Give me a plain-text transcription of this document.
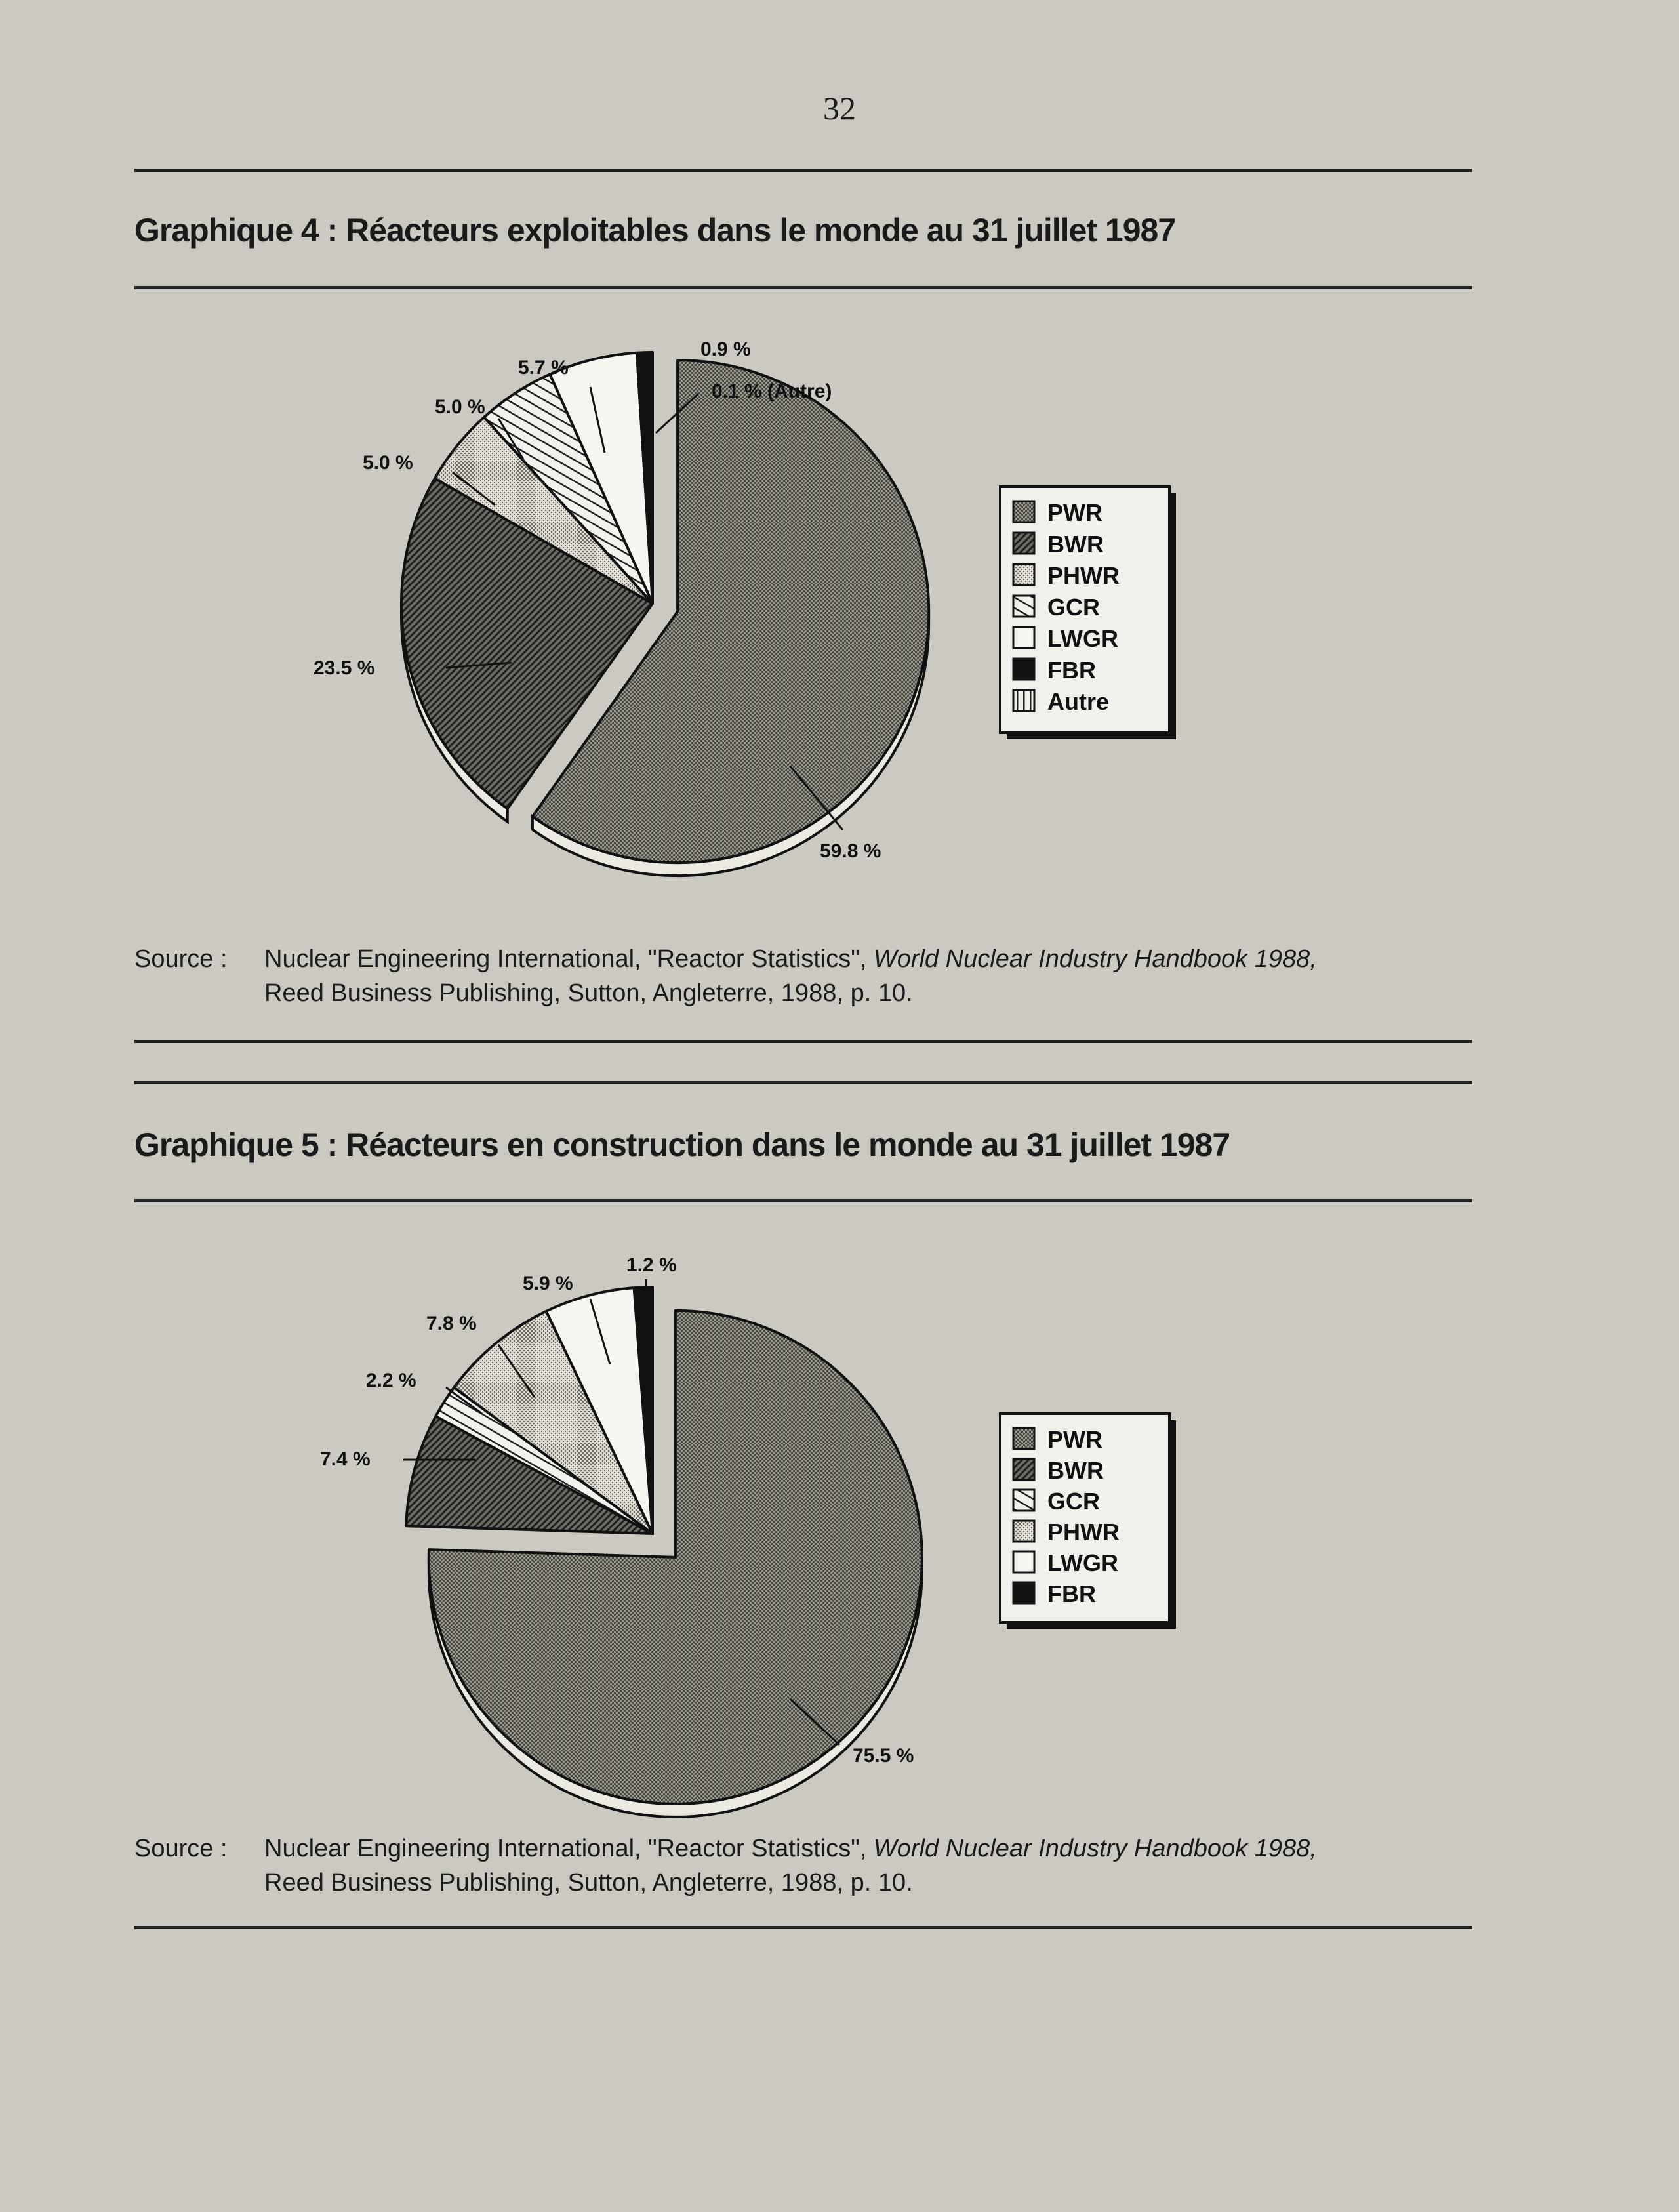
59.8 %
23.5 %
5.0 %
5.0 %
5.7 %
0.9 %
0.1 % (Autre)
PWR
BWR
PHWR
GCR
LWGR
FBR
Autre
75.5 %
7.4 %
2.2 %
7.8 %
5.9 %
1.2 %
PWR
BWR
GCR
PHWR
LWGR
FBR
32
Graphique 4 : Réacteurs exploitables dans le monde au 31 juillet 1987
Source : Nuclear Engineering International, "Reactor Statistics", World Nuclear Industry Handbook 1988,
Reed Business Publishing, Sutton, Angleterre, 1988, p. 10.
Graphique 5 : Réacteurs en construction dans le monde au 31 juillet 1987
Source : Nuclear Engineering International, "Reactor Statistics", World Nuclear Industry Handbook 1988,
Reed Business Publishing, Sutton, Angleterre, 1988, p. 10.
